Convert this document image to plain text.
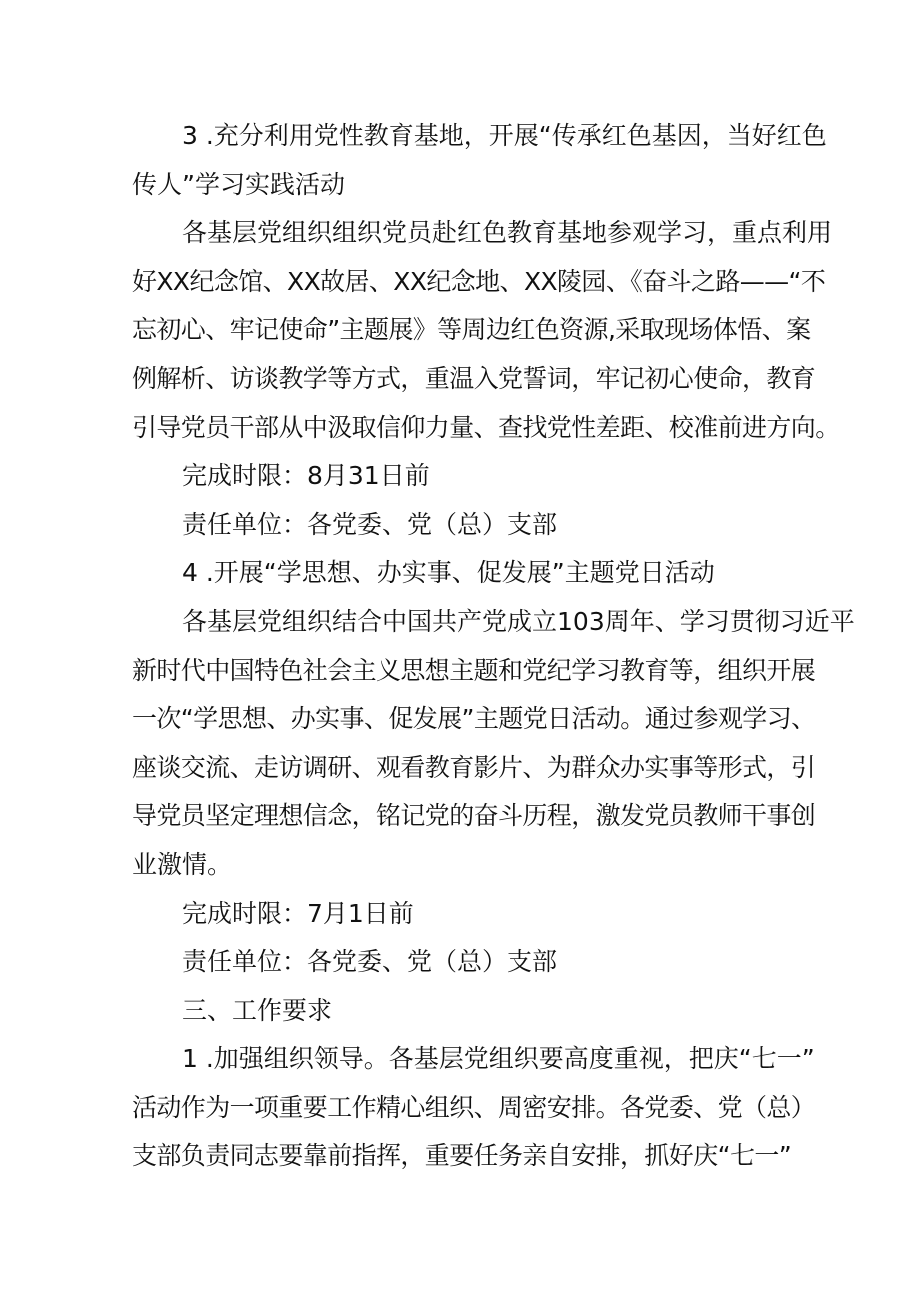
3 .充分利用党性教育基地，开展“传承红色基因，当好红色
传人”学习实践活动
各基层党组织组织党员赴红色教育基地参观学习，重点利用
好XX纪念馆、XX故居、XX纪念地、XX陵园、《奋斗之路——“不
忘初心、牢记使命”主题展》等周边红色资源,采取现场体悟、案
例解析、访谈教学等方式，重温入党誓词，牢记初心使命，教育
引导党员干部从中汲取信仰力量、查找党性差距、校准前进方向。
完成时限：8月31日前
责任单位：各党委、党（总）支部
4 .开展“学思想、办实事、促发展”主题党日活动
各基层党组织结合中国共产党成立103周年、学习贯彻习近平
新时代中国特色社会主义思想主题和党纪学习教育等，组织开展
一次“学思想、办实事、促发展”主题党日活动。通过参观学习、
座谈交流、走访调研、观看教育影片、为群众办实事等形式，引
导党员坚定理想信念，铭记党的奋斗历程，激发党员教师干事创
业激情。
完成时限：7月1日前
责任单位：各党委、党（总）支部
三、工作要求
1 .加强组织领导。各基层党组织要高度重视，把庆“七一”
活动作为一项重要工作精心组织、周密安排。各党委、党（总）
支部负责同志要靠前指挥，重要任务亲自安排，抓好庆“七一”
